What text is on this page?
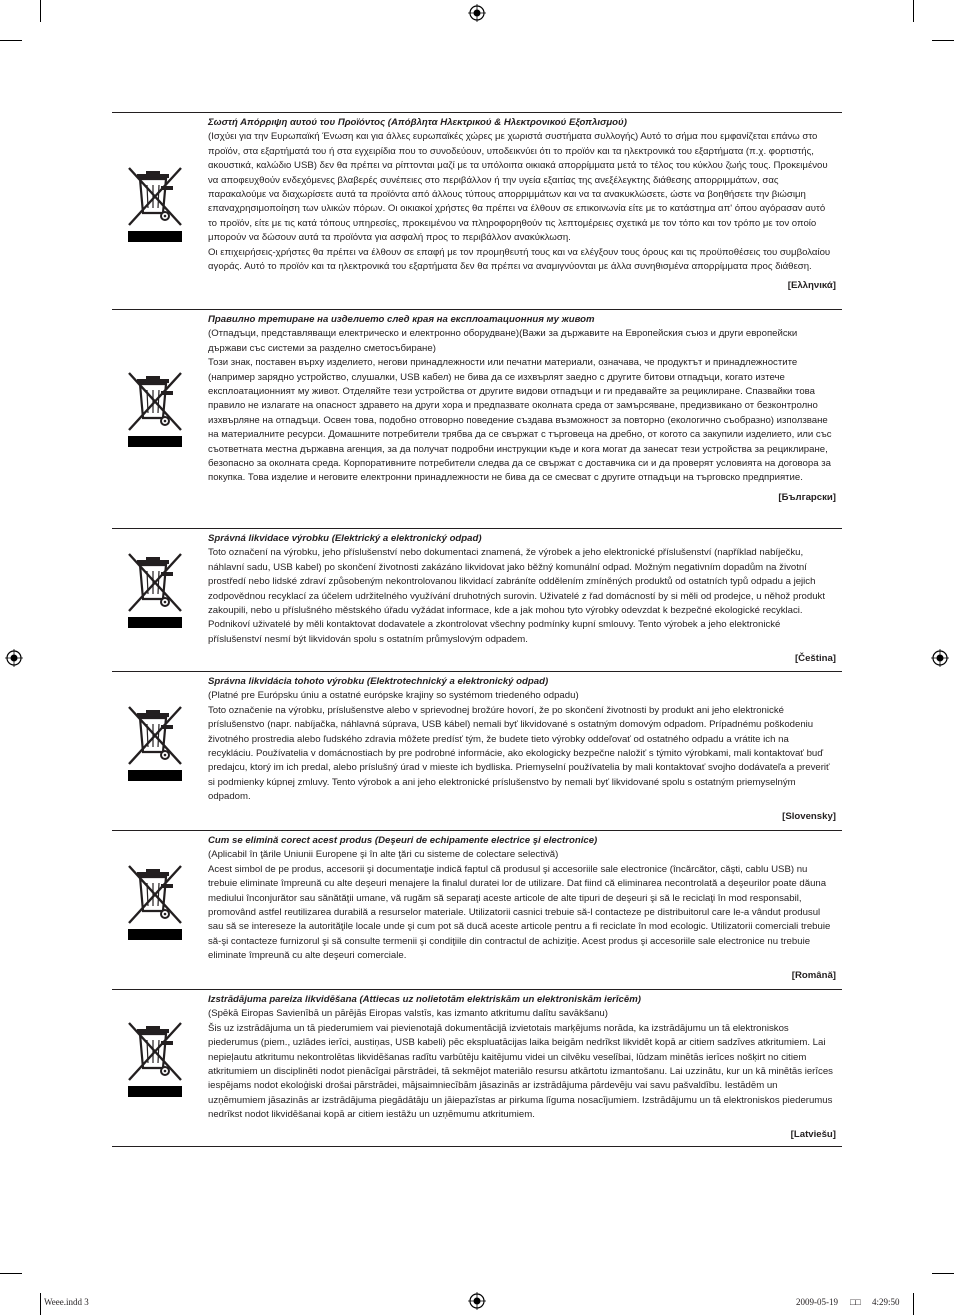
Σωστή Απόρριψη αυτού του Προϊόντος (Απόβλητα Ηλεκτρικού & Ηλεκτρονικού Εξοπλισμού)

(Ισχύει για την Ευρωπαϊκή Ένωση και για άλλες ευρωπαϊκές χώρες με χωριστά συστήματα συλλογής) Αυτό το σήμα που εμφανίζεται επάνω στο προϊόν, στα εξαρτήματά του ή στα εγχειρίδια που το συνοδεύουν, υποδεικνύει ότι το προϊόν και τα ηλεκτρονικά του εξαρτήματα (π.χ. φορτιστής, ακουστικά, καλώδιο USB) δεν θα πρέπει να ρίπτονται μαζί με τα υπόλοιπα οικιακά απορρίμματα μετά το τέλος του κύκλου ζωής τους. Προκειμένου να αποφευχθούν ενδεχόμενες βλαβερές συνέπειες στο περιβάλλον ή την υγεία εξαιτίας της ανεξέλεγκτης διάθεσης απορριμμάτων, σας παρακαλούμε να διαχωρίσετε αυτά τα προϊόντα από άλλους τύπους απορριμμάτων και να τα ανακυκλώσετε, ώστε να βοηθήσετε την βιώσιμη επαναχρησιμοποίηση των υλικών πόρων. Οι οικιακοί χρήστες θα πρέπει να έλθουν σε επικοινωνία είτε με το κατάστημα απ' όπου αγόρασαν αυτό το προϊόν, είτε με τις κατά τόπους υπηρεσίες, προκειμένου να πληροφορηθούν τις λεπτομέρειες σχετικά με τον τόπο και τον τρόπο με τον οποίο μπορούν να δώσουν αυτά τα προϊόντα για ασφαλή προς το περιβάλλον ανακύκλωση.

Οι επιχειρήσεις-χρήστες θα πρέπει να έλθουν σε επαφή με τον προμηθευτή τους και να ελέγξουν τους όρους και τις προϋποθέσεις του συμβολαίου αγοράς. Αυτό το προϊόν και τα ηλεκτρονικά του εξαρτήματα δεν θα πρέπει να αναμιγνύονται με άλλα συνηθισμένα απορρίμματα προς διάθεση.

[Ελληνικά]
Правилно третиране на изделието след края на експлоатационния му живот

(Отпадъци, представляващи електрическо и електронно оборудване)(Важи за държавите на Европейския съюз и други европейски държави със системи за разделно сметосъбиране)

Този знак, поставен върху изделието, негови принадлежности или печатни материали, означава, че продуктът и принадлежностите (например зарядно устройство, слушалки, USB кабел) не бива да се изхвърлят заедно с другите битови отпадъци, когато изтече експлоатационният му живот. Отделяйте тези устройства от другите видови отпадъци и ги предавайте за рециклиране. Спазвайки това правило не излагате на опасност здравето на други хора и предпазвате околната среда от замърсяване, предизвикано от безконтролно изхвърляне на отпадъци. Освен това, подобно отговорно поведение създава възможност за повторно (екологично съобразно) използване на материалните ресурси. Домашните потребители трябва да се свържат с търговеца на дребно, от когото са закупили изделието, или със съответната местна държавна агенция, за да получат подробни инструкции къде и кога могат да занесат тези устройства за рециклиране, безопасно за околната среда. Корпоративните потребители следва да се свържат с доставчика си и да проверят условията на договора за покупка. Това изделие и неговите електронни принадлежности не бива да се смесват с другите отпадъци на търговско предприятие.

[Български]
Správná likvidace výrobku (Elektrický a elektronický odpad)

Toto označení na výrobku, jeho příslušenství nebo dokumentaci znamená, že výrobek a jeho elektronické příslušenství (například nabíječku, náhlavní sadu, USB kabel) po skončení životnosti zakázáno likvidovat jako běžný komunální odpad. Možným negativním dopadům na životní prostředí nebo lidské zdraví způsobeným nekontrolovanou likvidací zabráníte oddělením zmíněných produktů od ostatních typů odpadu a jejich zodpovědnou recyklací za účelem udržitelného využívání druhotných surovin. Uživatelé z řad domácností by si měli od prodejce, u něhož produkt zakoupili, nebo u příslušného městského úřadu vyžádat informace, kde a jak mohou tyto výrobky odevzdat k bezpečné ekologické recyklaci. Podnikoví uživatelé by měli kontaktovat dodavatele a zkontrolovat všechny podmínky kupní smlouvy. Tento výrobek a jeho elektronické příslušenství nesmí být likvidován spolu s ostatním průmyslovým odpadem.

[Čeština]
Správna likvidácia tohoto výrobku (Elektrotechnický a elektronický odpad)

(Platné pre Európsku úniu a ostatné európske krajiny so systémom triedeného odpadu)

Toto označenie na výrobku, príslušenstve alebo v sprievodnej brožúre hovorí, že po skončení životnosti by produkt ani jeho elektronické príslušenstvo (napr. nabíjačka, náhlavná súprava, USB kábel) nemali byť likvidované s ostatným domovým odpadom. Prípadnému poškodeniu životného prostredia alebo ľudského zdravia môžete predísť tým, že budete tieto výrobky oddeľovať od ostatného odpadu a vrátite ich na recykláciu. Používatelia v domácnostiach by pre podrobné informácie, ako ekologicky bezpečne naložiť s týmito výrobkami, mali kontaktovať buď predajcu, ktorý im ich predal, alebo príslušný úrad v mieste ich bydliska. Priemyselní používatelia by mali kontaktovať svojho dodávateľa a preveriť si podmienky kúpnej zmluvy. Tento výrobok a ani jeho elektronické príslušenstvo by nemali byť likvidované spolu s ostatným priemyselným odpadom.

[Slovensky]
Cum se elimină corect acest produs (Deşeuri de echipamente electrice şi electronice)

(Aplicabil în ţările Uniunii Europene şi în alte ţări cu sisteme de colectare selectivă)

Acest simbol de pe produs, accesorii şi documentaţie indică faptul că produsul şi accesoriile sale electronice (încărcător, căşti, cablu USB) nu trebuie eliminate împreună cu alte deşeuri menajere la finalul duratei lor de utilizare. Dat fiind că eliminarea necontrolată a deşeurilor poate dăuna mediului înconjurător sau sănătăţii umane, vă rugăm să separaţi aceste articole de alte tipuri de deşeuri şi să le reciclaţi în mod responsabil, promovând astfel reutilizarea durabilă a resurselor materiale. Utilizatorii casnici trebuie să-l contacteze pe distribuitorul care le-a vândut produsul sau să se intereseze la autorităţile locale unde şi cum pot să ducă aceste articole pentru a fi reciclate în mod ecologic. Utilizatorii comerciali trebuie să-şi contacteze furnizorul şi să consulte termenii şi condiţiile din contractul de achiziţie. Acest produs şi accesoriile sale electronice nu trebuie eliminate împreună cu alte deşeuri comerciale.

[Română]
Izstrādājuma pareiza likvidēšana (Attiecas uz nolietotām elektriskām un elektroniskām ierīcēm)

(Spēkā Eiropas Savienībā un pārējās Eiropas valstīs, kas izmanto atkritumu dalītu savākšanu)

Šis uz izstrādājuma un tā piederumiem vai pievienotajā dokumentācijā izvietotais marķējums norāda, ka izstrādājumu un tā elektroniskos piederumus (piem., uzlādes ierīci, austiņas, USB kabeli) pēc ekspluatācijas laika beigām nedrīkst likvidēt kopā ar citiem sadzīves atkritumiem. Lai nepieļautu atkritumu nekontrolētas likvidēšanas radītu varbūtēju kaitējumu videi un cilvēku veselībai, lūdzam minētās ierīces nošķirt no citiem atkritumiem un disciplinēti nodot pienācīgai pārstrādei, tā sekmējot materiālo resursu atkārtotu izmantošanu. Lai uzzinātu, kur un kā minētās ierīces iespējams nodot ekoloģiski drošai pārstrādei, mājsaimniecībām jāsazinās ar izstrādājuma pārdevēju vai savu pašvaldību. Iestādēm un uzņēmumiem jāsazinās ar izstrādājuma piegādātāju un jāiepazīstas ar pirkuma līguma nosacījumiem. Izstrādājumu un tā elektroniskos piederumus nedrīkst nodot likvidēšanai kopā ar citiem iestāžu un uzņēmumu atkritumiem.

[Latviešu]
Weee.indd 3	2009-05-19 □□ 4:29:50
